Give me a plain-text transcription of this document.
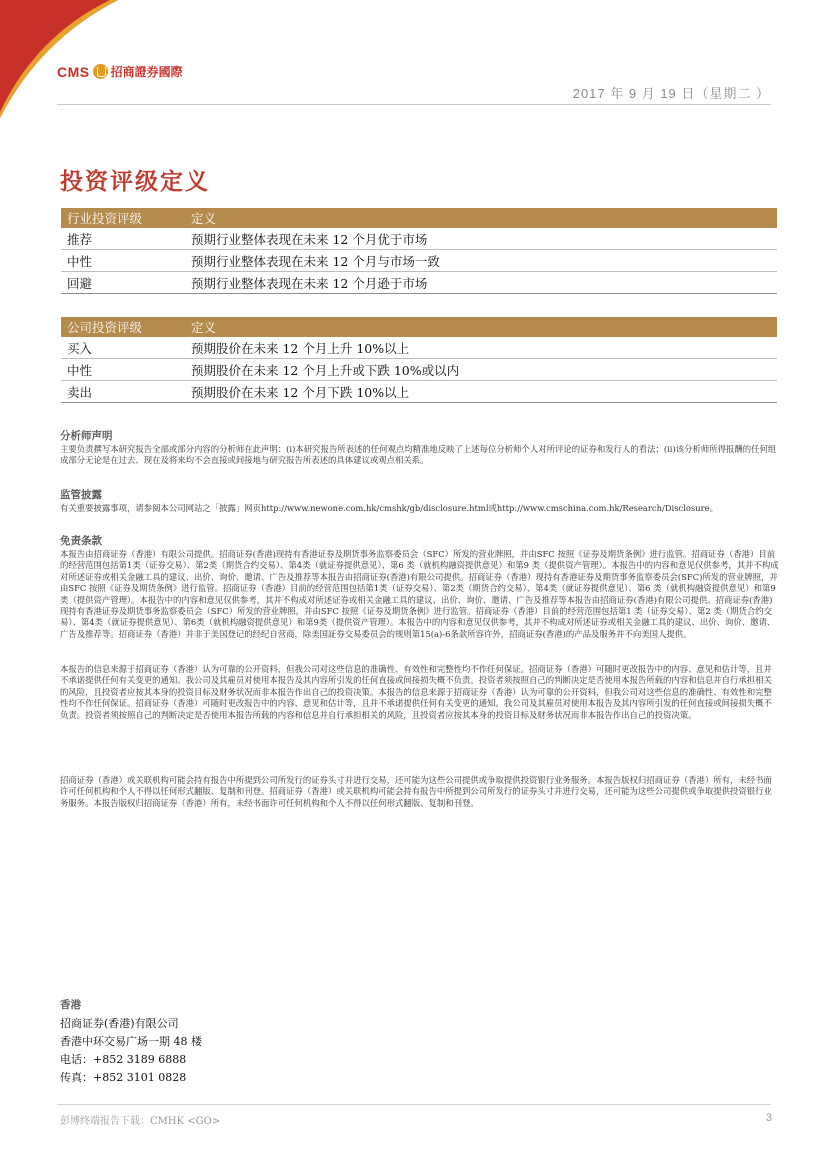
CMS 招商證券國際
2017 年 9 月 19 日（星期二 ）
投资评级定义
行业投资评级	定义
推荐	预期行业整体表现在未来 12 个月优于市场
中性	预期行业整体表现在未来 12 个月与市场一致
回避	预期行业整体表现在未来 12 个月逊于市场
公司投资评级	定义
买入	预期股价在未来 12 个月上升 10%以上
中性	预期股价在未来 12 个月上升或下跌 10%或以内
卖出	预期股价在未来 12 个月下跌 10%以上
分析师声明
主要负责撰写本研究报告全部或部分内容的分析师在此声明：(i)本研究报告所表述的任何观点均精准地反映了上述每位分析师个人对所评论的证券和发行人的看法；(ii)该分析师所得报酬的任何组成部分无论是在过去、现在及将来均不会直接或间接地与研究报告所表述的具体建议或观点相关系。
监管披露
有关重要披露事项，请参阅本公司网站之「披露」网页http://www.newone.com.hk/cmshk/gb/disclosure.html或http://www.cmschina.com.hk/Research/Disclosure。
免责条款
本报告由招商证券（香港）有限公司提供。招商证券(香港)现持有香港证券及期货事务监察委员会（SFC）所发的营业牌照，并由SFC 按照《证券及期货条例》进行监管。招商证券（香港）目前的经营范围包括第1类（证券交易）、第2类（期货合约交易）、第4类（就证券提供意见）、第6 类（就机构融资提供意见）和第9 类（提供资产管理）。本报告中的内容和意见仅供参考，其并不构成对所述证券或相关金融工具的建议、出价、询价、邀请、广告及推荐等本报告由招商证券(香港)有限公司提供。招商证券（香港）现持有香港证券及期货事务监察委员会(SFC)所发的营业牌照，并由SFC 按照《证券及期货条例》进行监管。招商证券（香港）目前的经营范围包括第1类（证券交易）、第2类（期货合约交易）、第4类（就证券提供意见）、第6 类（就机构融资提供意见）和第9 类（提供资产管理）。本报告中的内容和意见仅供参考，其并不构成对所述证券或相关金融工具的建议、出价、询价、邀请、广告及推荐等本报告由招商证券(香港)有限公司提供。招商证券(香港)现持有香港证券及期货事务监察委员会（SFC）所发的营业牌照，并由SFC 按照《证券及期货条例》进行监管。招商证券（香港）目前的经营范围包括第1 类（证券交易）、第2 类（期货合约交易）、第4类（就证券提供意见）、第6类（就机构融资提供意见）和第9类（提供资产管理）。本报告中的内容和意见仅供参考，其并不构成对所述证券或相关金融工具的建议、出价、询价、邀请、广告及推荐等。招商证券（香港）并非于美国登记的经纪自营商，除美国証券交易委员会的规则第15(a)-6条款所容许外，招商证券(香港)的产品及服务并不向美国人提供。
本报告的信息来源于招商证券（香港）认为可靠的公开资料，但我公司对这些信息的准确性、有效性和完整性均不作任何保证。招商证券（香港）可随时更改报告中的内容、意见和估计等，且并不承诺提供任何有关变更的通知。我公司及其雇员对使用本报告及其内容所引发的任何直接或间接损失概不负责。投资者须按照自己的判断决定是否使用本报告所载的内容和信息并自行承担相关的风险，且投资者应按其本身的投资目标及财务状况而非本报告作出自己的投资决策。本报告的信息来源于招商证券（香港）认为可靠的公开资料，但我公司对这些信息的准确性、有效性和完整性均不作任何保证。招商证券（香港）可随时更改报告中的内容、意见和估计等，且并不承诺提供任何有关变更的通知。我公司及其雇员对使用本报告及其内容所引发的任何直接或间接损失概不负责。投资者须按照自己的判断决定是否使用本报告所载的内容和信息并自行承担相关的风险，且投资者应按其本身的投资目标及财务状况而非本报告作出自己的投资决策。
招商证券（香港）或关联机构可能会持有报告中所提到公司所发行的证券头寸并进行交易，还可能为这些公司提供或争取提供投资银行业务服务。本报告版权归招商证券（香港）所有，未经书面许可任何机构和个人不得以任何形式翻版、复制和刊登。招商证券（香港）或关联机构可能会持有报告中所提到公司所发行的证券头寸并进行交易，还可能为这些公司提供或争取提供投资银行业务服务。本报告版权归招商证券（香港）所有，未经书面许可任何机构和个人不得以任何形式翻版、复制和刊登。
香港
招商证券(香港)有限公司
香港中环交易广场一期 48 楼
电话：+852 3189 6888
传真：+852 3101 0828
彭博终端报告下载：CMHK <GO>	3
